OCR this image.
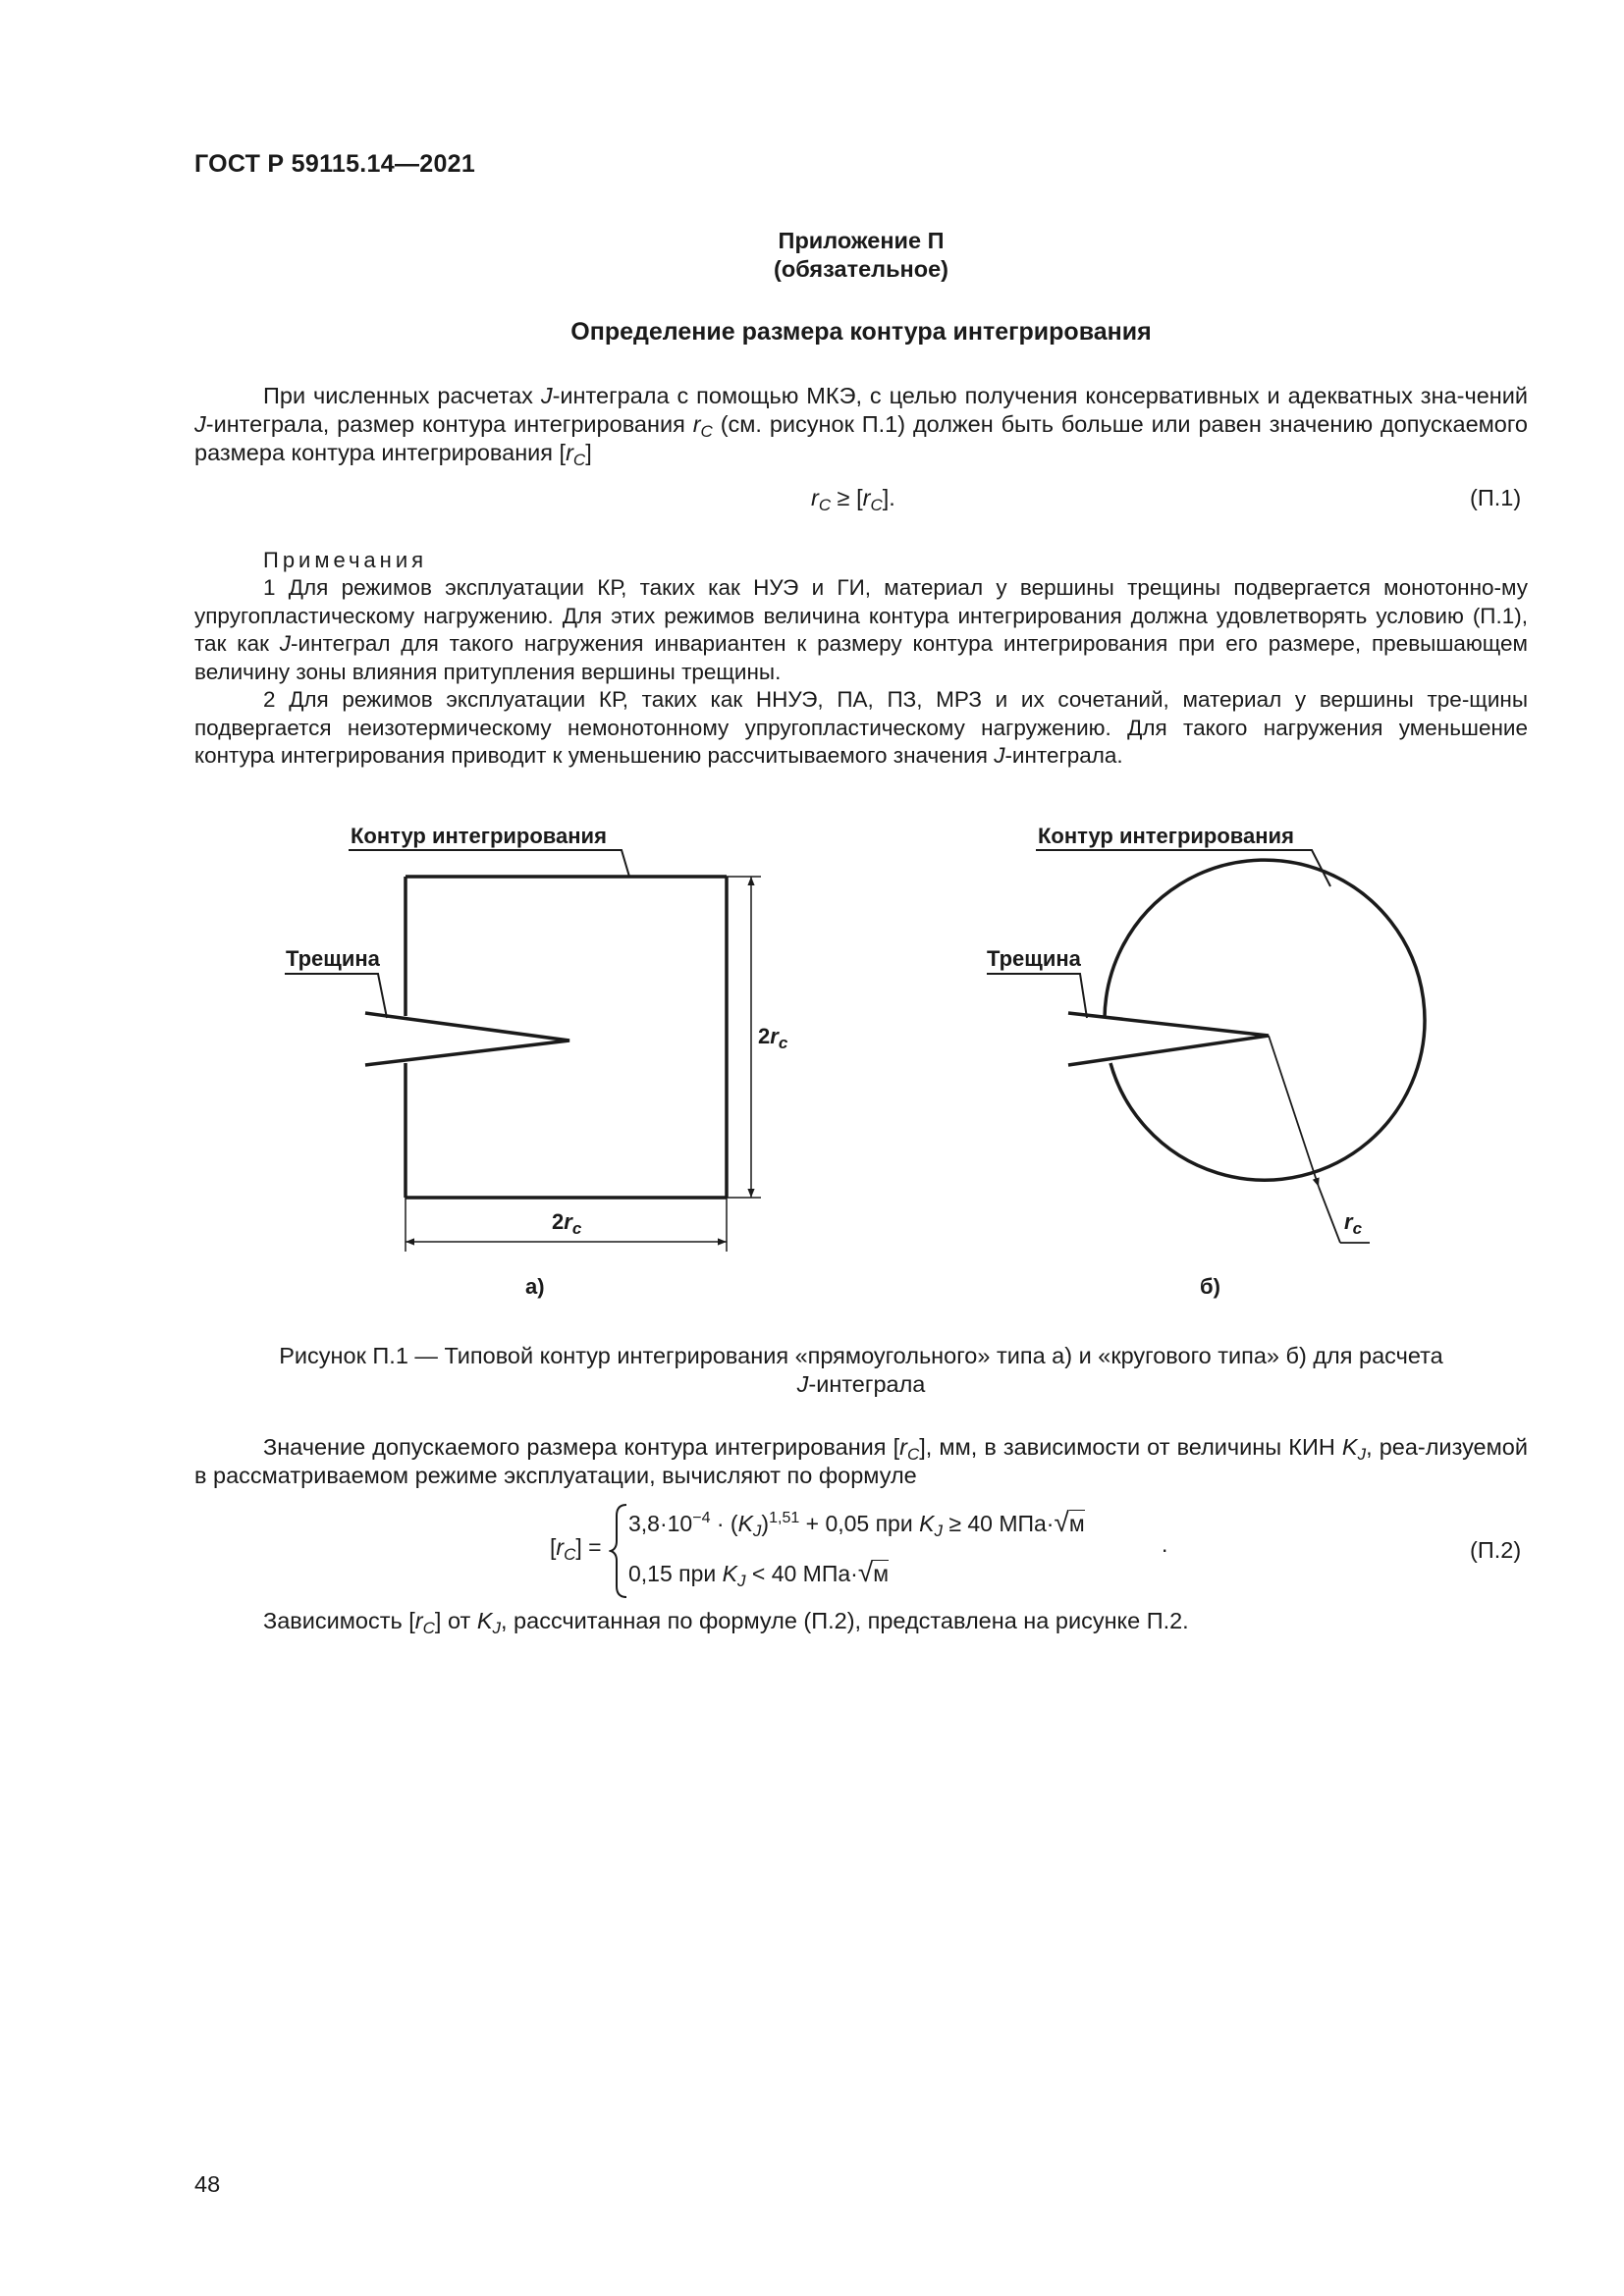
ГОСТ Р 59115.14—2021
Приложение П
(обязательное)
Определение размера контура интегрирования

При численных расчетах J-интеграла с помощью МКЭ, с целью получения консервативных и адекватных зна-чений J-интеграла, размер контура интегрирования $r_C$ (см. рисунок П.1) должен быть больше или равен значению допускаемого размера контура интегрирования $[r_C]$

$r_C \ge [r_C]$.	(П.1)
Примечания

1 Для режимов эксплуатации КР, таких как НУЭ и ГИ, материал у вершины трещины подвергается монотонно-му упругопластическому нагружению. Для этих режимов величина контура интегрирования должна удовлетворять условию (П.1), так как J-интеграл для такого нагружения инвариантен к размеру контура интегрирования при его размере, превышающем величину зоны влияния притупления вершины трещины.

2 Для режимов эксплуатации КР, таких как ННУЭ, ПА, ПЗ, МРЗ и их сочетаний, материал у вершины тре-щины подвергается неизотермическому немонотонному упругопластическому нагружению. Для такого нагружения уменьшение контура интегрирования приводит к уменьшению рассчитываемого значения J-интеграла.

Контур интегрирования
Трещина
$2r_c$
$2r_c$
а)
Контур интегрирования
Трещина
$r_c$
б)
Рисунок П.1 — Типовой контур интегрирования «прямоугольного» типа а) и «кругового типа» б) для расчета
J-интеграла

Значение допускаемого размера контура интегрирования $[r_C]$, мм, в зависимости от величины КИН $K_J$, реа-лизуемой в рассматриваемом режиме эксплуатации, вычисляют по формуле

$[r_C]$ =
$3,8\cdot 10^{-4} \cdot (K_J)^{1,51} + 0,05$ при $K_J \ge 40$ МПа·√м
0,15 при $K_J < 40$ МПа·√м
.	(П.2)
Зависимость $[r_C]$ от $K_J$, рассчитанная по формуле (П.2), представлена на рисунке П.2.
48
